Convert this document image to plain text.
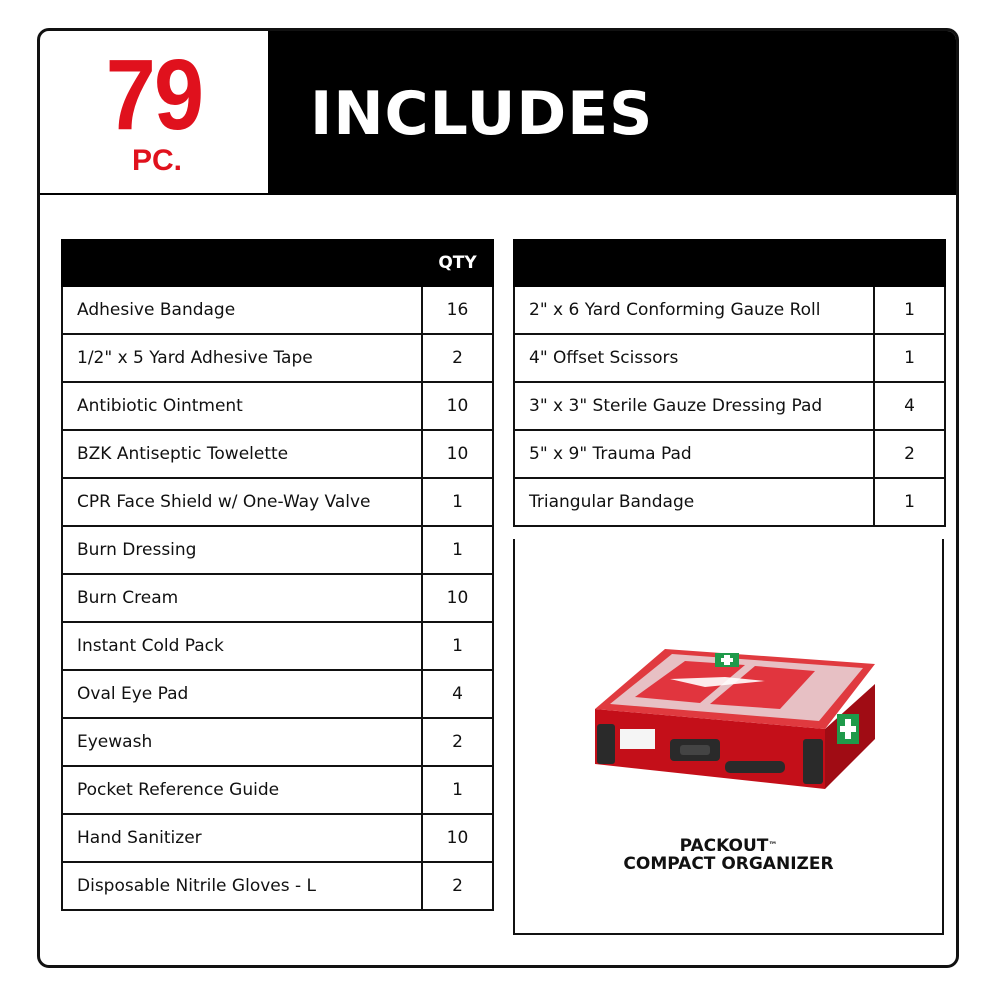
79
PC.
INCLUDES
	QTY
Adhesive Bandage	16
1/2" x 5 Yard Adhesive Tape	2
Antibiotic Ointment	10
BZK Antiseptic Towelette	10
CPR Face Shield w/ One-Way Valve	1
Burn Dressing	1
Burn Cream	10
Instant Cold Pack	1
Oval Eye Pad	4
Eyewash	2
Pocket Reference Guide	1
Hand Sanitizer	10
Disposable Nitrile Gloves - L	2

2" x 6 Yard Conforming Gauze Roll	1
4" Offset Scissors	1
3" x 3" Sterile Gauze Dressing Pad	4
5" x 9" Trauma Pad	2
Triangular Bandage	1
PACKOUT™
COMPACT ORGANIZER
